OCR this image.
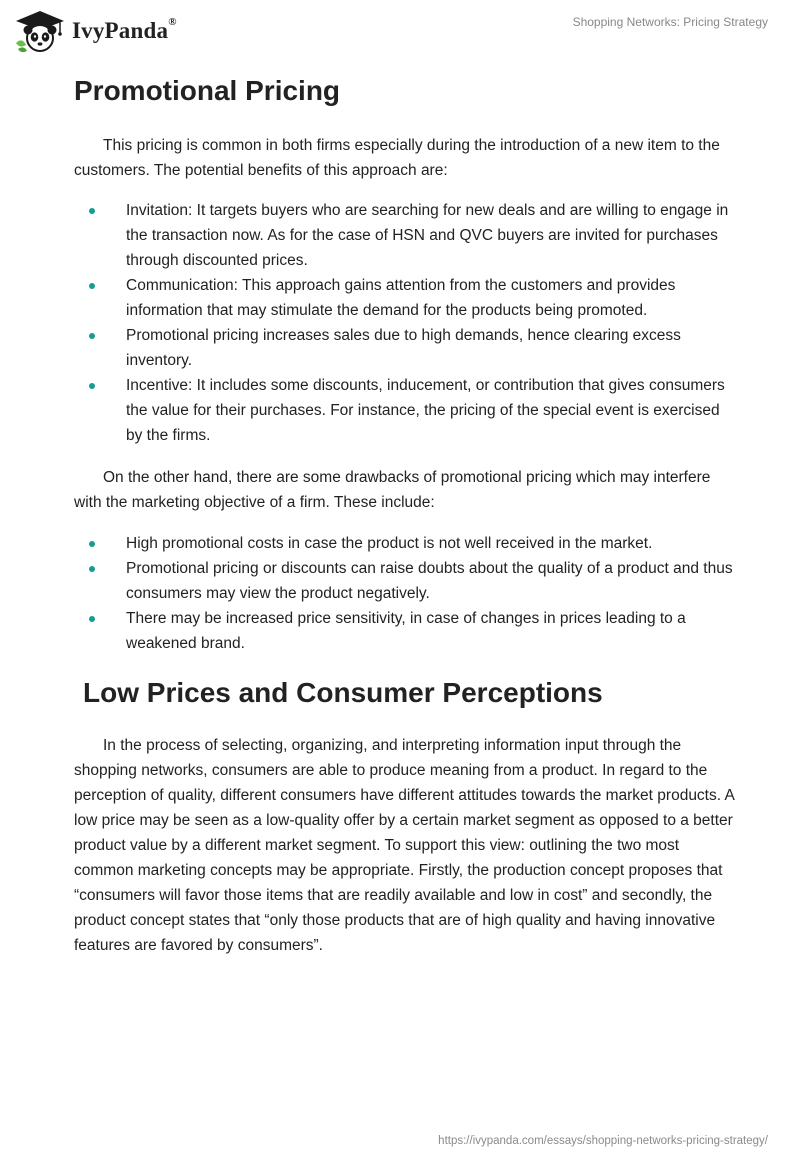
IvyPanda®	Shopping Networks: Pricing Strategy
Promotional Pricing

This pricing is common in both firms especially during the introduction of a new item to the customers. The potential benefits of this approach are:

Invitation: It targets buyers who are searching for new deals and are willing to engage in the transaction now. As for the case of HSN and QVC buyers are invited for purchases through discounted prices.
Communication: This approach gains attention from the customers and provides information that may stimulate the demand for the products being promoted.
Promotional pricing increases sales due to high demands, hence clearing excess inventory.
Incentive: It includes some discounts, inducement, or contribution that gives consumers the value for their purchases. For instance, the pricing of the special event is exercised by the firms.

On the other hand, there are some drawbacks of promotional pricing which may interfere with the marketing objective of a firm. These include:

High promotional costs in case the product is not well received in the market.
Promotional pricing or discounts can raise doubts about the quality of a product and thus consumers may view the product negatively.
There may be increased price sensitivity, in case of changes in prices leading to a weakened brand.
Low Prices and Consumer Perceptions

In the process of selecting, organizing, and interpreting information input through the shopping networks, consumers are able to produce meaning from a product. In regard to the perception of quality, different consumers have different attitudes towards the market products. A low price may be seen as a low-quality offer by a certain market segment as opposed to a better product value by a different market segment. To support this view: outlining the two most common marketing concepts may be appropriate. Firstly, the production concept proposes that “consumers will favor those items that are readily available and low in cost” and secondly, the product concept states that “only those products that are of high quality and having innovative features are favored by consumers”.

https://ivypanda.com/essays/shopping-networks-pricing-strategy/
